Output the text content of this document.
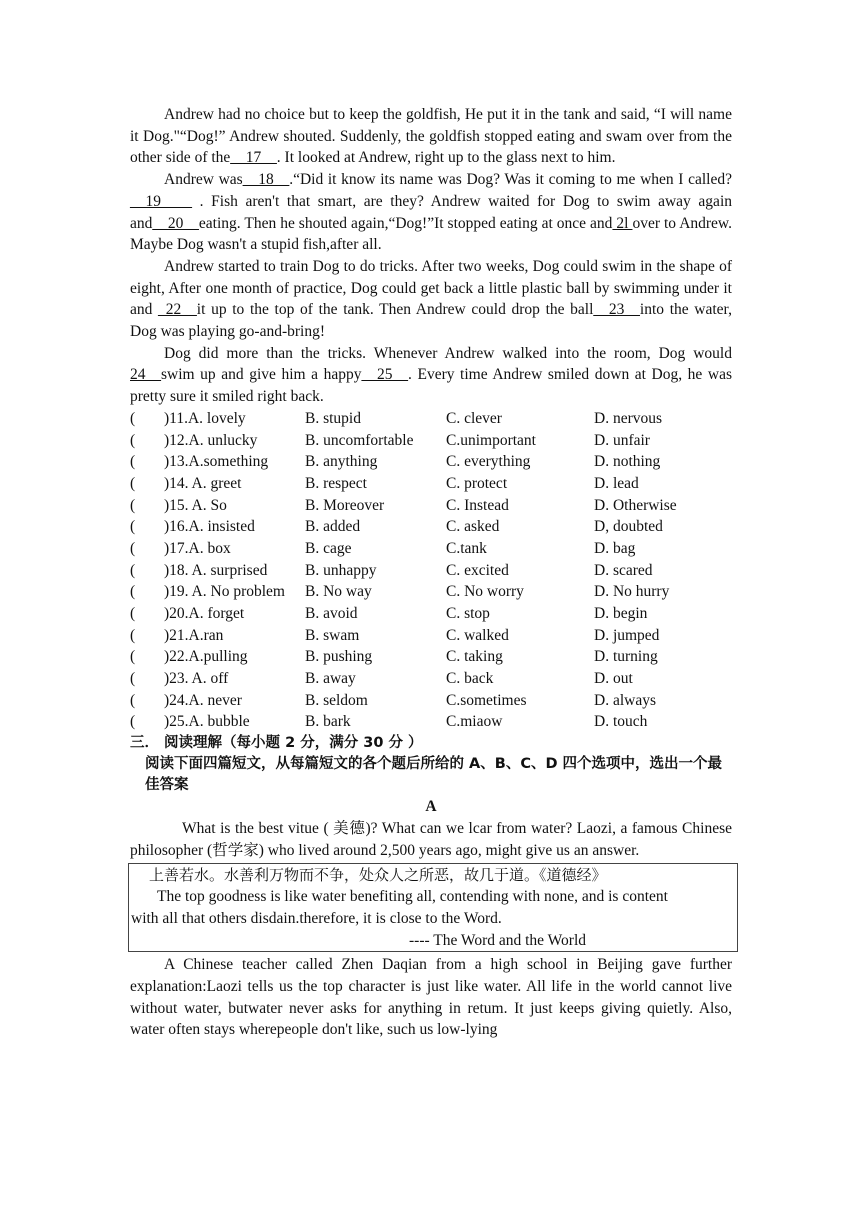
Andrew had no choice but to keep the goldfish, He put it in the tank and said, “I will name it Dog."“Dog!” Andrew shouted. Suddenly, the goldfish stopped eating and swam over from the other side of the__17__. It looked at Andrew, right up to the glass next to him.

Andrew was__18__.“Did it know its name was Dog? Was it coming to me when I called?__19____ . Fish aren't that smart, are they? Andrew waited for Dog to swim away again and__20__eating. Then he shouted again,“Dog!”It stopped eating at once and 2l over to Andrew. Maybe Dog wasn't a stupid fish,after all.

Andrew started to train Dog to do tricks. After two weeks, Dog could swim in the shape of eight, After one month of practice, Dog could get back a little plastic ball by swimming under it and _22__it up to the top of the tank. Then Andrew could drop the ball__23__into the water, Dog was playing go-and-bring!

Dog did more than the tricks. Whenever Andrew walked into the room, Dog would 24__swim up and give him a happy__25__. Every time Andrew smiled down at Dog, he was pretty sure it smiled right back.

(	)11.A. lovely	B. stupid	C. clever	D. nervous
(	)12.A. unlucky	B. uncomfortable	C.unimportant	D. unfair
(	)13.A.something	B. anything	C. everything	D. nothing
(	)14. A. greet	B. respect	C. protect	D. lead
(	)15. A. So	B. Moreover	C. Instead	D. Otherwise
(	)16.A. insisted	B. added	C. asked	D, doubted
(	)17.A. box	B. cage	C.tank	D. bag
(	)18. A. surprised	B. unhappy	C. excited	D. scared
(	)19. A. No problem	B. No way	C. No worry	D. No hurry
(	)20.A. forget	B. avoid	C. stop	D. begin
(	)21.A.ran	B. swam	C. walked	D. jumped
(	)22.A.pulling	B. pushing	C. taking	D. turning
(	)23. A. off	B. away	C. back	D. out
(	)24.A. never	B. seldom	C.sometimes	D. always
(	)25.A. bubble	B. bark	C.miaow	D. touch

三． 阅读理解（每小题 2 分，满分 30 分 ）

阅读下面四篇短文，从每篇短文的各个题后所给的 A、B、C、D 四个选项中，选出一个最佳答案

A

What is the best vitue ( 美德)? What can we lcar from water? Laozi, a famous Chinese philosopher (哲学家) who lived around 2,500 years ago, might give us an answer.

上善若水。水善利万物而不争，处众人之所恶，故几于道。《道德经》

The top goodness is like water benefiting all, contending with none, and is content

with all that others disdain.therefore, it is close to the Word.

---- The Word and the World

A Chinese teacher called Zhen Daqian from a high school in Beijing gave further explanation:Laozi tells us the top character is just like water. All life in the world cannot live without water, butwater never asks for anything in retum. It just keeps giving quietly. Also, water often stays wherepeople don't like, such us low-lying
